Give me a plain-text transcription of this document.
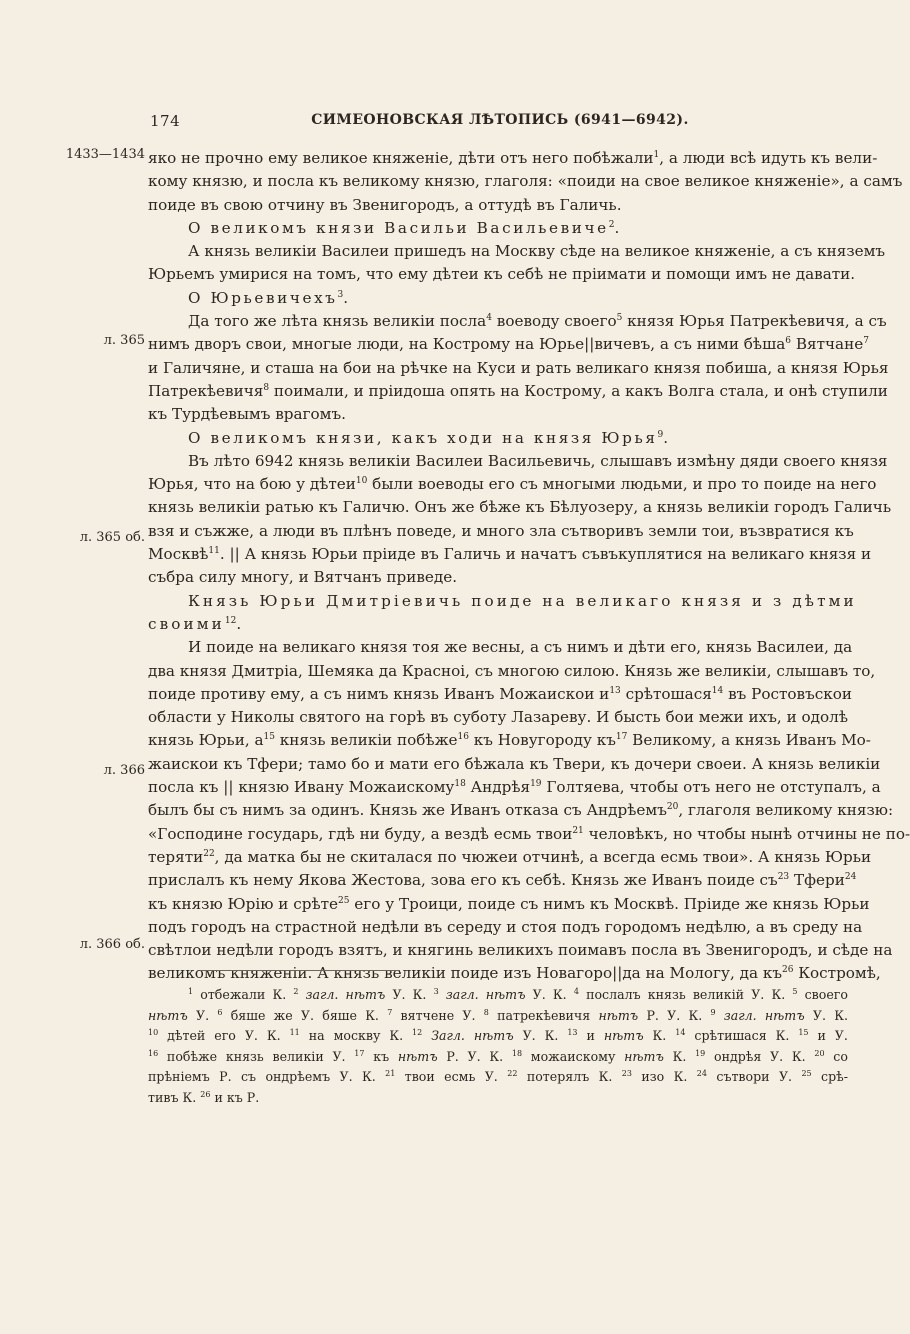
174	СИМЕОНОВСКАЯ ЛѢТОПИСЬ (6941—6942).
1433—1434
л. 365
л. 365 об.
л. 366
л. 366 об.
яко не прочно ему великое княженіе, дѣти отъ него побѣжали$^1$, а люди всѣ идуть къ вели-
кому князю, и посла къ великому князю, глаголя: «поиди на свое великое княженіе», а самъ
поиде въ свою отчину въ Звенигородъ, а оттудѣ въ Галичь.
О великомъ князи Васильи Васильевиче$^2$.
А князь великіи Василеи пришедъ на Москву сѣде на великое княженіе, а съ княземъ
Юрьемъ умирися на томъ, что ему дѣтеи къ себѣ не пріимати и помощи имъ не давати.
О Юрьевичехъ$^3$.
Да того же лѣта князь великіи посла$^4$ воеводу своего$^5$ князя Юрья Патрекѣевичя, а съ
нимъ дворъ свои, многые люди, на Кострому на Юрье||вичевъ, а съ ними бѣша$^6$ Вятчане$^7$
и Галичяне, и сташа на бои на рѣчке на Куси и рать великаго князя побиша, а князя Юрья
Патрекѣевичя$^8$ поимали, и пріидоша опять на Кострому, а какъ Волга стала, и онѣ ступили
къ Турдѣевымъ врагомъ.
О великомъ князи, какъ ходи на князя Юрья$^9$.
Въ лѣто 6942 князь великіи Василеи Васильевичь, слышавъ измѣну дяди своего князя
Юрья, что на бою у дѣтеи$^{10}$ были воеводы его съ многыми людьми, и про то поиде на него
князь великіи ратью къ Галичю. Онъ же бѣже къ Бѣлуозеру, а князь великіи городъ Галичь
взя и съжже, а люди въ плѣнъ поведе, и много зла сътворивъ земли тои, възвратися къ
Москвѣ$^{11}$. || А князь Юрьи пріиде въ Галичь и начатъ съвъкуплятися на великаго князя и
събра силу многу, и Вятчанъ приведе.
Князь Юрьи Дмитріевичь поиде на великаго князя и з дѣтми
своими$^{12}$.
И поиде на великаго князя тоя же весны, а съ нимъ и дѣти его, князь Василеи, да
два князя Дмитріа, Шемяка да Красноі, съ многою силою. Князь же великіи, слышавъ то,
поиде противу ему, а съ нимъ князь Иванъ Можаискои $и^{13}$ срѣтошася$^{14}$ въ Ростовъскои
области у Николы святого на горѣ въ суботу Лазареву. И бысть бои межи ихъ, и одолѣ
князь Юрьи, $а^{15}$ князь великіи побѣже$^{16}$ къ Новугороду $къ^{17}$ Великому, а князь Иванъ Мо-
жаискои къ Тфери; тамо бо и мати его бѣжала къ Твери, къ дочери своеи. А князь великіи
посла къ || князю Ивану Можаискому$^{18}$ Андрѣя$^{19}$ Голтяева, чтобы отъ него не отступалъ, а
былъ бы съ нимъ за одинъ. Князь же Иванъ отказа съ Андрѣемъ$^{20}$, глаголя великому князю:
«Господине государь, гдѣ ни буду, а вездѣ есмь твои$^{21}$ человѣкъ, но чтобы нынѣ отчины не по-
теряти$^{22}$, да матка бы не скиталася по чюжеи отчинѣ, а всегда есмь твои». А князь Юрьи
прислалъ къ нему Якова Жестова, зова его къ себѣ. Князь же Иванъ поиде $съ^{23}$ Тфери$^{24}$
къ князю Юрію и срѣте$^{25}$ его у Троици, поиде съ нимъ къ Москвѣ. Пріиде же князь Юрьи
подъ городъ на страстной недѣли въ середу и стоя подъ городомъ недѣлю, а въ среду на
свѣтлои недѣли городъ взятъ, и княгинь великихъ поимавъ посла въ Звенигородъ, и сѣде на
великомъ княженіи. А князь великіи поиде изъ Новагоро||да на Мологу, да $къ^{26}$ Костромѣ,
$^1$ отбежали К. $^2$ загл. нѣтъ У. К. $^3$ загл. нѣтъ У. К. $^4$ послалъ князь великій У. К. $^5$ своего
нѣтъ У. $^6$ бяше же У. бяше К. $^7$ вятчене У. $^8$ патрекѣевичя нѣтъ Р. У. К. $^9$ загл. нѣтъ У. К.
$^{10}$ дѣтей его У. К. $^{11}$ на москву К. $^{12}$ Загл. нѣтъ У. К. $^{13}$ и нѣтъ К. $^{14}$ срѣтишася К. $^{15}$ и У.
$^{16}$ побѣже князь великіи У. $^{17}$ къ нѣтъ Р. У. К. $^{18}$ можаискому нѣтъ К. $^{19}$ ондрѣя У. К. $^{20}$ со
прѣніемъ Р. съ ондрѣемъ У. К. $^{21}$ твои есмь У. $^{22}$ потерялъ К. $^{23}$ изо К. $^{24}$ сътвори У. $^{25}$ срѣ-
тивъ К. $^{26}$ и къ Р.
